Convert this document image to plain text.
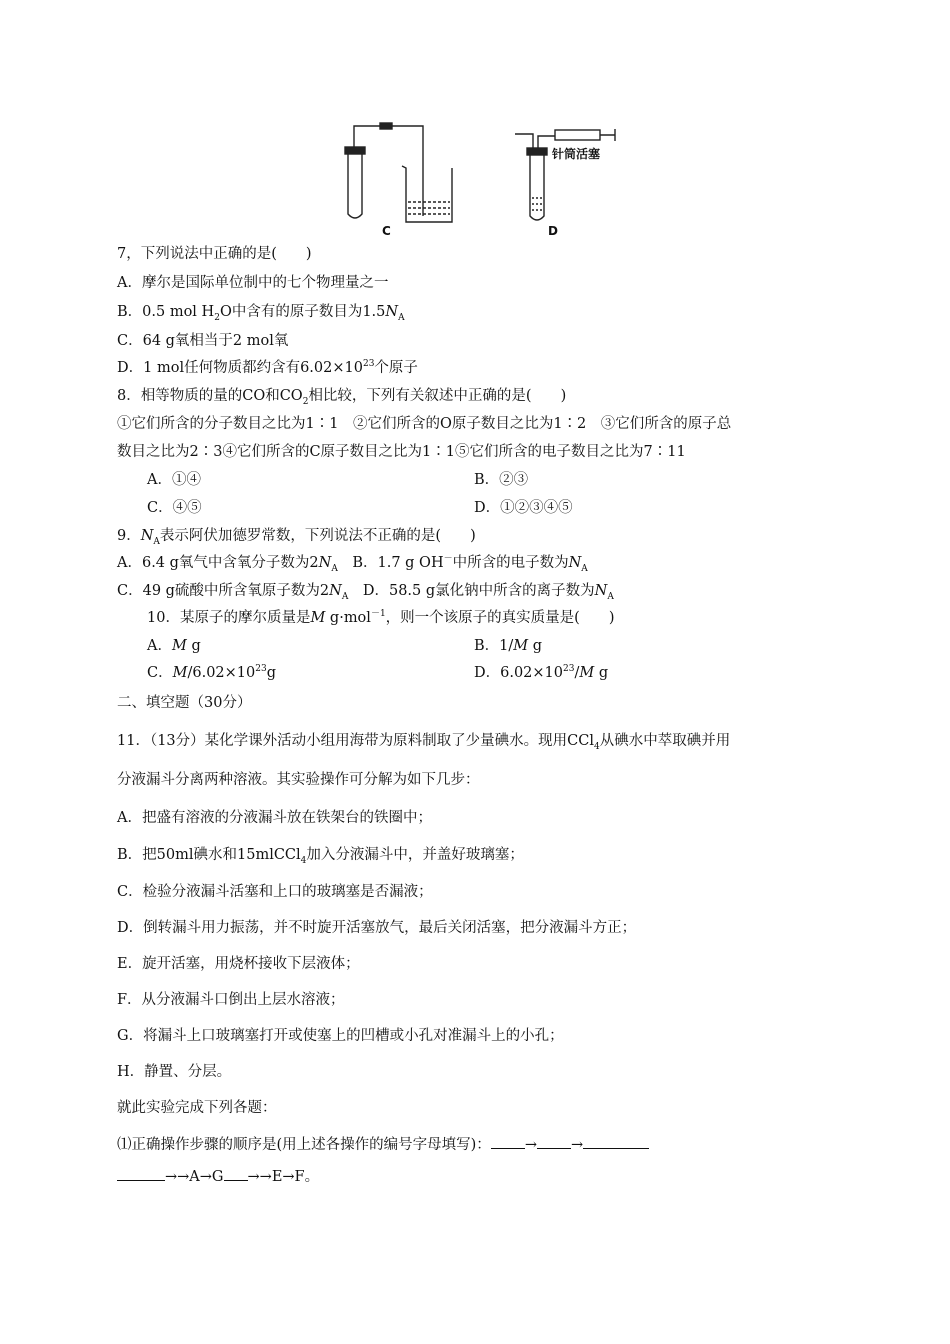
C	D
针筒活塞
7，下列说法中正确的是(　　)
A．摩尔是国际单位制中的七个物理量之一
B．0.5 mol $H_2O$中含有的原子数目为$1.5N_A$
C．64 g氧相当于2 mol氧
D．1 mol任何物质都约含有$6.02\times 10^{23}$个原子
8．相等物质的量的CO和$CO_2$相比较，下列有关叙述中正确的是(　　)
①它们所含的分子数目之比为1∶1　②它们所含的O原子数目之比为1∶2　③它们所含的原子总
数目之比为2∶3④它们所含的C原子数目之比为1∶1⑤它们所含的电子数目之比为7∶11
A．①④	B．②③
C．④⑤	D．①②③④⑤
9．$N_A$表示阿伏加德罗常数，下列说法不正确的是(　　)
A．6.4 g氧气中含氧分子数为$2N_A$　 B．1.7 g OH－中所含的电子数为$N_A$
C．49 g硫酸中所含氧原子数为$2N_A$　 D．58.5 g氯化钠中所含的离子数为$N_A$
10．某原子的摩尔质量是M g·mol$^{-1}$，则一个该原子的真实质量是(　　)
A．M g	B．1/M g
C．$M/6.02\times 10^{23}g$	D．$6.02\times 10^{23}/M$ g
二、填空题（30分）
11．（13分）某化学课外活动小组用海带为原料制取了少量碘水。现用CCl$_4$从碘水中萃取碘并用
分液漏斗分离两种溶液。其实验操作可分解为如下几步：
A．把盛有溶液的分液漏斗放在铁架台的铁圈中；
B．把50ml碘水和15mlCCl$_4$加入分液漏斗中，并盖好玻璃塞；
C．检验分液漏斗活塞和上口的玻璃塞是否漏液；
D．倒转漏斗用力振荡，并不时旋开活塞放气，最后关闭活塞，把分液漏斗方正；
E．旋开活塞，用烧杯接收下层液体；
F．从分液漏斗口倒出上层水溶液；
G．将漏斗上口玻璃塞打开或使塞上的凹槽或小孔对准漏斗上的小孔；
H．静置、分层。
就此实验完成下列各题：
⑴正确操作步骤的顺序是(用上述各操作的编号字母填写)： → →
→→A→G →→E→F。
